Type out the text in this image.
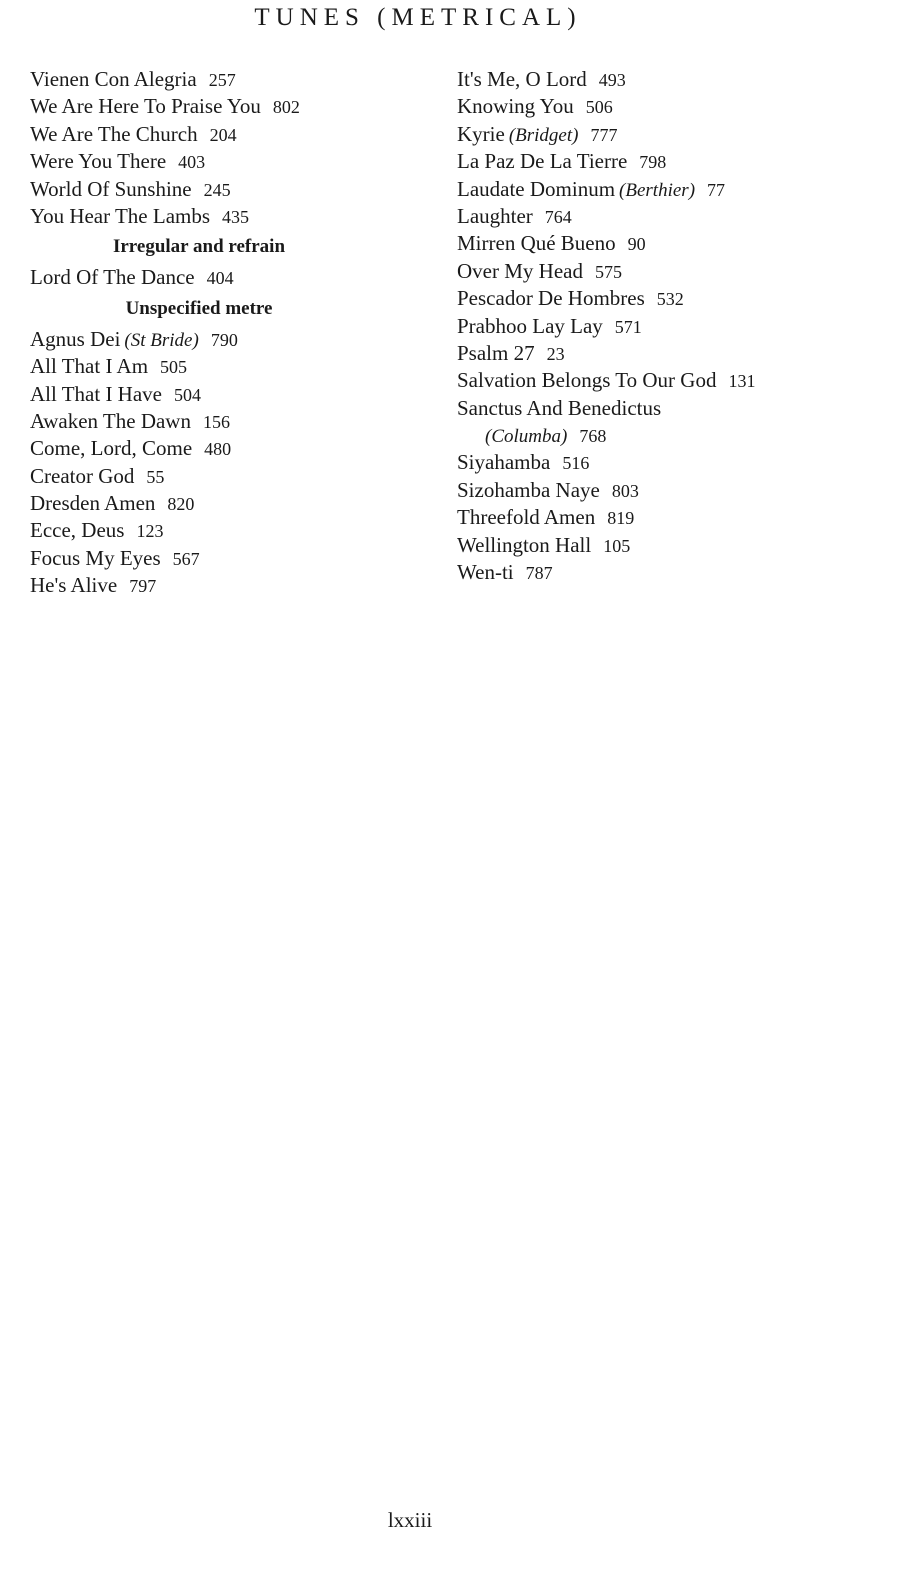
TUNES (METRICAL)
Vienen Con Alegria 257
We Are Here To Praise You 802
We Are The Church 204
Were You There 403
World Of Sunshine 245
You Hear The Lambs 435
Irregular and refrain
Lord Of The Dance 404
Unspecified metre
Agnus Dei (St Bride) 790
All That I Am 505
All That I Have 504
Awaken The Dawn 156
Come, Lord, Come 480
Creator God 55
Dresden Amen 820
Ecce, Deus 123
Focus My Eyes 567
He's Alive 797
It's Me, O Lord 493
Knowing You 506
Kyrie (Bridget) 777
La Paz De La Tierre 798
Laudate Dominum (Berthier) 77
Laughter 764
Mirren Qué Bueno 90
Over My Head 575
Pescador De Hombres 532
Prabhoo Lay Lay 571
Psalm 27 23
Salvation Belongs To Our God 131
Sanctus And Benedictus
(Columba) 768
Siyahamba 516
Sizohamba Naye 803
Threefold Amen 819
Wellington Hall 105
Wen-ti 787
lxxiii
